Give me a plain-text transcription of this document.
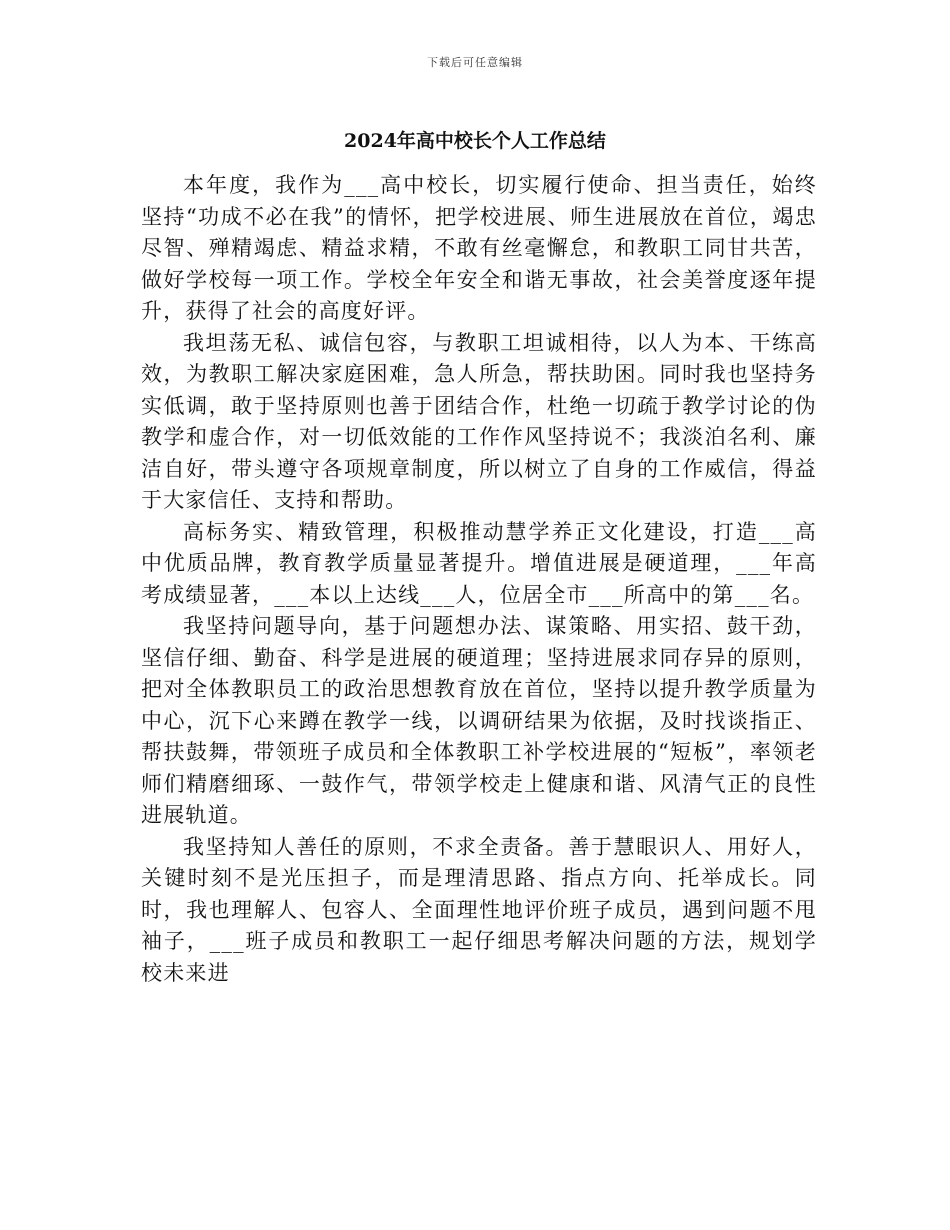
下载后可任意编辑
2024年高中校长个人工作总结

本年度，我作为___高中校长，切实履行使命、担当责任，始终坚持“功成不必在我”的情怀，把学校进展、师生进展放在首位，竭忠尽智、殚精竭虑、精益求精，不敢有丝毫懈怠，和教职工同甘共苦，做好学校每一项工作。学校全年安全和谐无事故，社会美誉度逐年提升，获得了社会的高度好评。

我坦荡无私、诚信包容，与教职工坦诚相待，以人为本、干练高效，为教职工解决家庭困难，急人所急，帮扶助困。同时我也坚持务实低调，敢于坚持原则也善于团结合作，杜绝一切疏于教学讨论的伪教学和虚合作，对一切低效能的工作作风坚持说不；我淡泊名利、廉洁自好，带头遵守各项规章制度，所以树立了自身的工作威信，得益于大家信任、支持和帮助。

高标务实、精致管理，积极推动慧学养正文化建设，打造___高中优质品牌，教育教学质量显著提升。增值进展是硬道理，___年高考成绩显著，___本以上达线___人，位居全市___所高中的第___名。

我坚持问题导向，基于问题想办法、谋策略、用实招、鼓干劲，坚信仔细、勤奋、科学是进展的硬道理；坚持进展求同存异的原则，把对全体教职员工的政治思想教育放在首位，坚持以提升教学质量为中心，沉下心来蹲在教学一线，以调研结果为依据，及时找谈指正、帮扶鼓舞，带领班子成员和全体教职工补学校进展的“短板”，率领老师们精磨细琢、一鼓作气，带领学校走上健康和谐、风清气正的良性进展轨道。

我坚持知人善任的原则，不求全责备。善于慧眼识人、用好人，关键时刻不是光压担子，而是理清思路、指点方向、托举成长。同时，我也理解人、包容人、全面理性地评价班子成员，遇到问题不甩袖子，___班子成员和教职工一起仔细思考解决问题的方法，规划学校未来进
